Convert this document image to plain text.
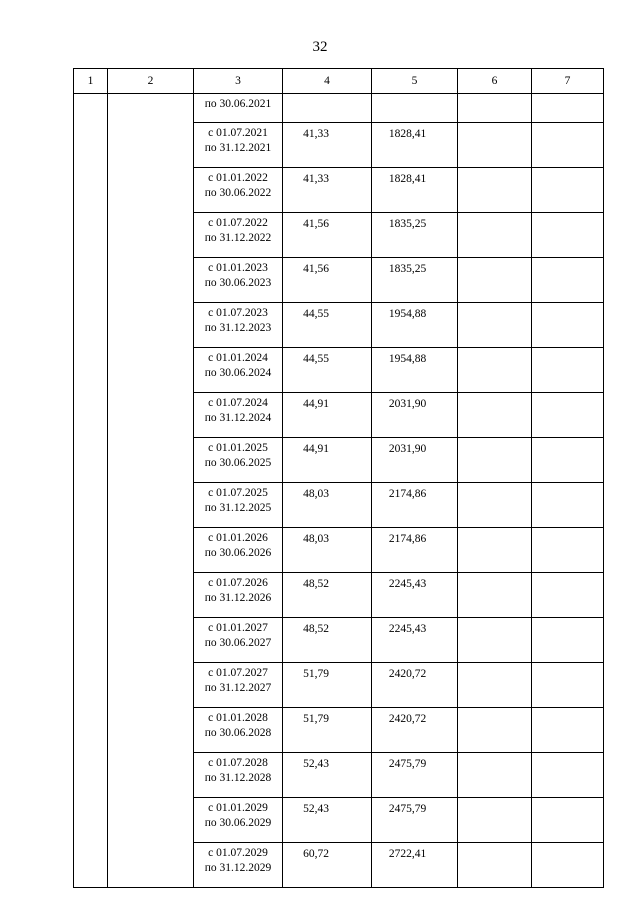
32
1	2	3	4	5	6	7

		по 30.06.2021				

		с 01.07.2021
по 31.12.2021	41,33	1828,41		

		с 01.01.2022
по 30.06.2022	41,33	1828,41		

		с 01.07.2022
по 31.12.2022	41,56	1835,25		

		с 01.01.2023
по 30.06.2023	41,56	1835,25		

		с 01.07.2023
по 31.12.2023	44,55	1954,88		

		с 01.01.2024
по 30.06.2024	44,55	1954,88		

		с 01.07.2024
по 31.12.2024	44,91	2031,90		

		с 01.01.2025
по 30.06.2025	44,91	2031,90		

		с 01.07.2025
по 31.12.2025	48,03	2174,86		

		с 01.01.2026
по 30.06.2026	48,03	2174,86		

		с 01.07.2026
по 31.12.2026	48,52	2245,43		

		с 01.01.2027
по 30.06.2027	48,52	2245,43		

		с 01.07.2027
по 31.12.2027	51,79	2420,72		

		с 01.01.2028
по 30.06.2028	51,79	2420,72		

		с 01.07.2028
по 31.12.2028	52,43	2475,79		

		с 01.01.2029
по 30.06.2029	52,43	2475,79		

		с 01.07.2029
по 31.12.2029	60,72	2722,41		
